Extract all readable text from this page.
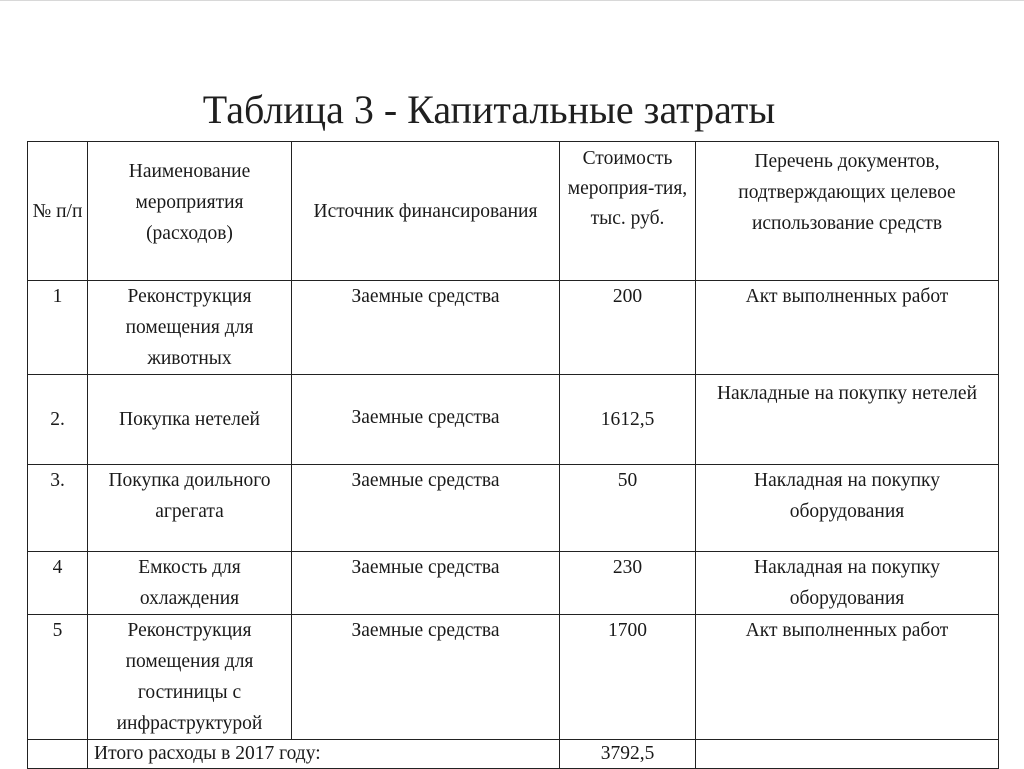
Таблица 3 - Капитальные затраты
№ п/п	Наименование мероприятия (расходов)	Источник финансирования	Стоимость мероприя-тия, тыс. руб.	Перечень документов, подтверждающих целевое использование средств
1	Реконструкция помещения для животных	Заемные средства	200	Акт выполненных работ
2.	Покупка нетелей	Заемные средства	1612,5	Накладные на покупку нетелей
3.	Покупка доильного агрегата	Заемные средства	50	Накладная на покупку оборудования
4	Емкость для охлаждения	Заемные средства	230	Накладная на покупку оборудования
5	Реконструкция помещения для гостиницы с инфраструктурой	Заемные средства	1700	Акт выполненных работ
	Итого расходы в 2017 году:		3792,5	
